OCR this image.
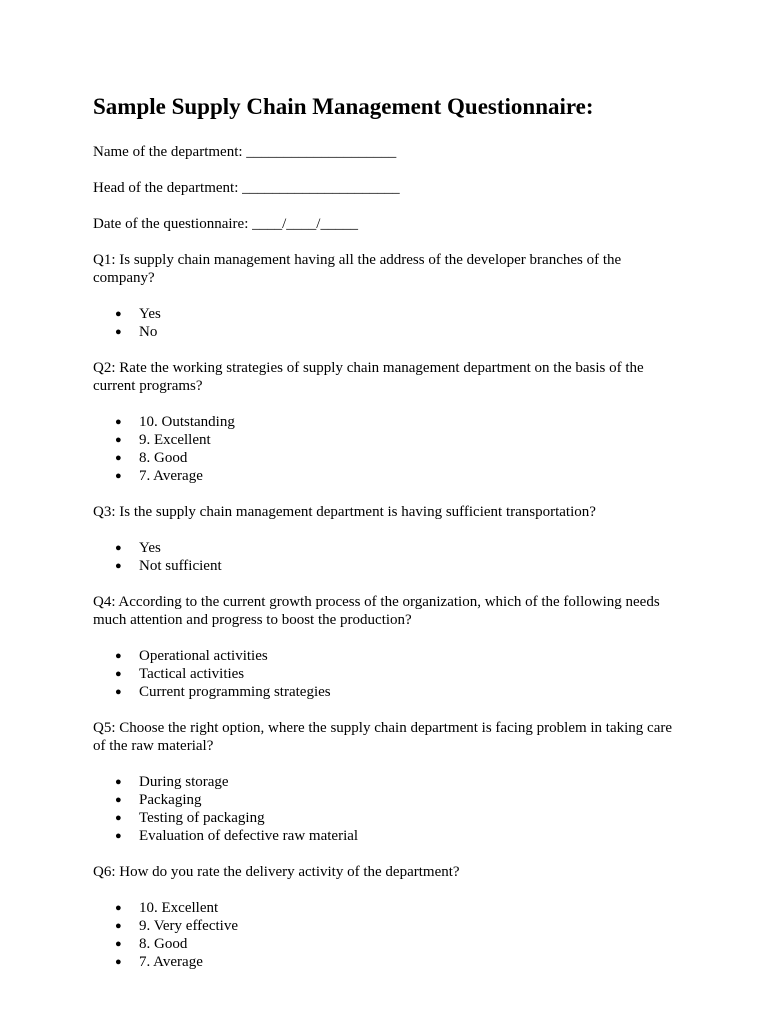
Sample Supply Chain Management Questionnaire:

Name of the department: ____________________

Head of the department: _____________________

Date of the questionnaire: ____/____/_____

Q1: Is supply chain management having all the address of the developer branches of the company?

● Yes
● No

Q2: Rate the working strategies of supply chain management department on the basis of the current programs?

● 10. Outstanding
● 9. Excellent
● 8. Good
● 7. Average

Q3: Is the supply chain management department is having sufficient transportation?

● Yes
● Not sufficient

Q4: According to the current growth process of the organization, which of the following needs much attention and progress to boost the production?

● Operational activities
● Tactical activities
● Current programming strategies

Q5: Choose the right option, where the supply chain department is facing problem in taking care of the raw material?

● During storage
● Packaging
● Testing of packaging
● Evaluation of defective raw material

Q6: How do you rate the delivery activity of the department?

● 10. Excellent
● 9. Very effective
● 8. Good
● 7. Average
